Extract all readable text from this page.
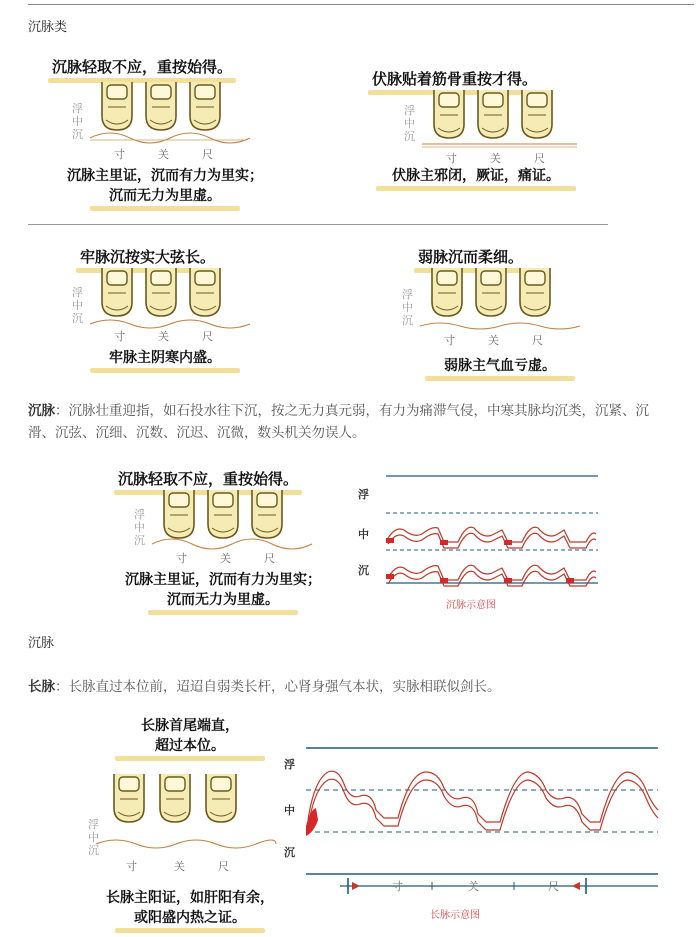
沉脉类
沉脉轻取不应，重按始得。
浮
中
沉
寸	关	尺
沉脉主里证，沉而有力为里实；
沉而无力为里虚。
伏脉贴着筋骨重按才得。
浮
中
沉
寸	关	尺
伏脉主邪闭，厥证，痛证。
牢脉沉按实大弦长。
浮
中
沉
寸	关	尺
牢脉主阴寒内盛。
弱脉沉而柔细。
浮
中
沉
寸	关	尺
弱脉主气血亏虚。
沉脉：沉脉壮重迎指，如石投水往下沉，按之无力真元弱，有力为痛滞气侵，中寒其脉均沉类，沉紧、沉滑、沉弦、沉细、沉数、沉迟、沉微，数头机关勿误人。
沉脉轻取不应，重按始得。
浮
中
沉
寸	关	尺
沉脉主里证，沉而有力为里实；
沉而无力为里虚。
浮
中
沉
沉脉示意图
沉脉
长脉：长脉直过本位前，迢迢自弱类长杆，心肾身强气本状，实脉相联似剑长。
长脉首尾端直，
超过本位。
浮
中
沉
寸	关	尺
长脉主阳证，如肝阳有余，
或阳盛内热之证。
浮
中
沉
寸	关	尺
长脉示意图
